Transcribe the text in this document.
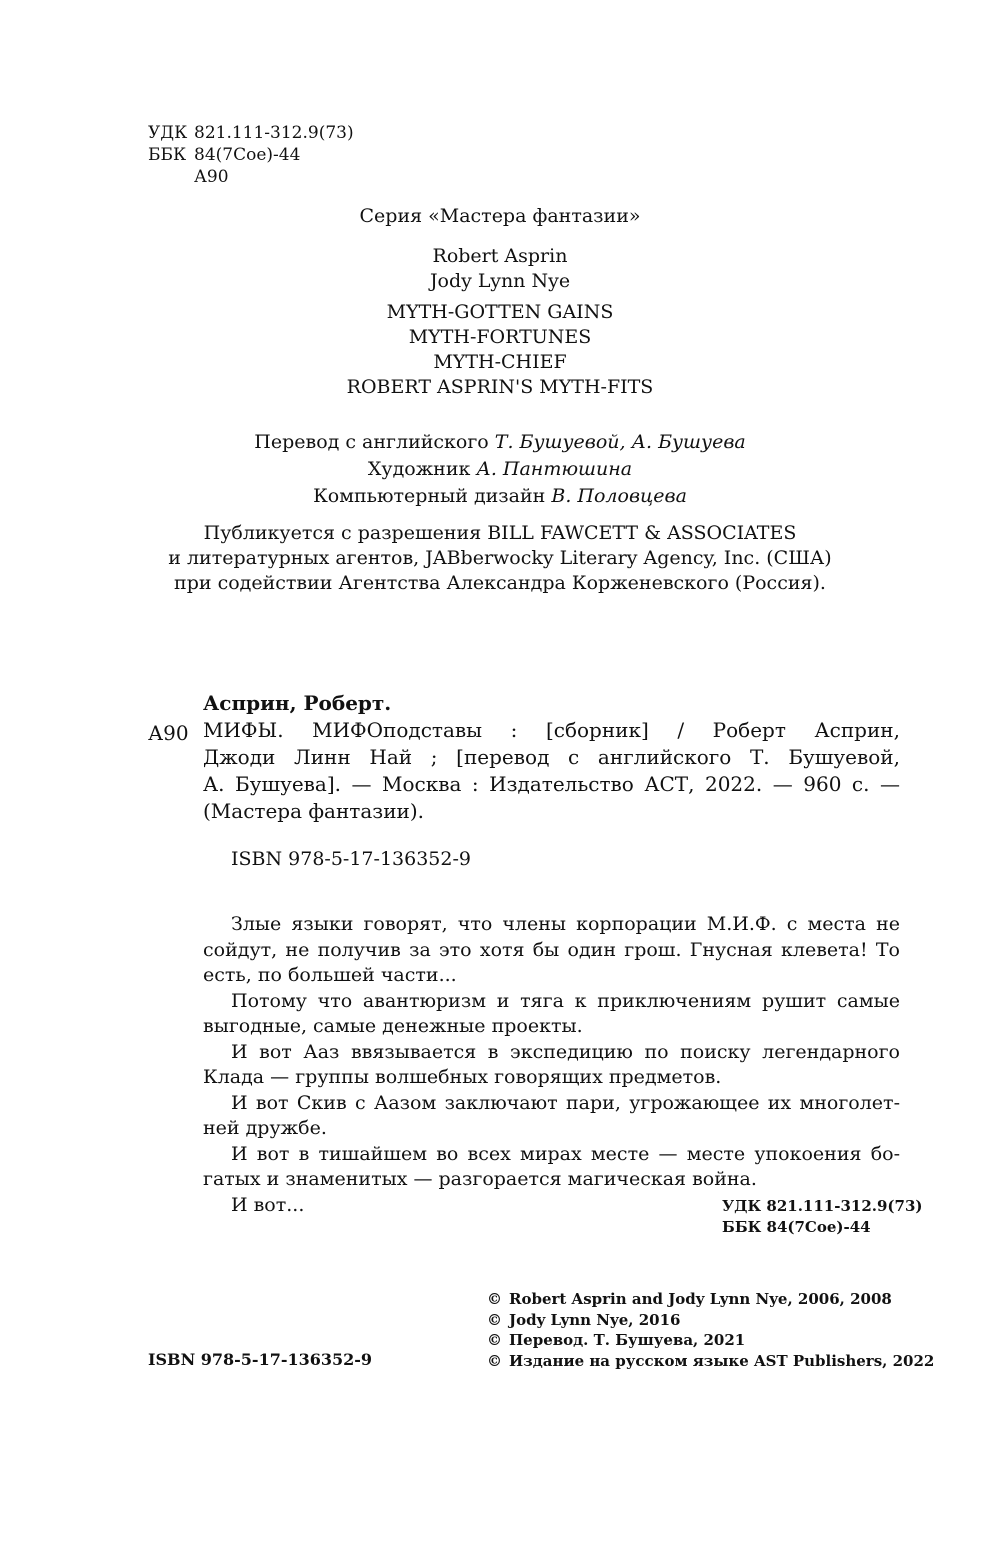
УДК 821.111-312.9(73)
ББК 84(7Сое)-44
А90
Серия «Мастера фантазии»
Robert Asprin
Jody Lynn Nye
MYTH-GOTTEN GAINS
MYTH-FORTUNES
MYTH-CHIEF
ROBERT ASPRIN'S MYTH-FITS
Перевод с английского Т. Бушуевой, А. Бушуева
Художник А. Пантюшина
Компьютерный дизайн В. Половцева
Публикуется с разрешения BILL FAWCETT & ASSOCIATES
и литературных агентов, JABberwocky Literary Agency, Inc. (США)
при содействии Агентства Александра Корженевского (Россия).
А90
Асприн, Роберт.
МИФЫ. МИФОподставы : [сборник] / Роберт Асприн,
Джоди Линн Най ; [перевод с английского Т. Бушуевой,
А. Бушуева]. — Москва : Издательство АСТ, 2022. — 960 с. —
(Мастера фантазии).
ISBN 978-5-17-136352-9
Злые языки говорят, что члены корпорации М.И.Ф. с места не
сойдут, не получив за это хотя бы один грош. Гнусная клевета! То
есть, по большей части...
Потому что авантюризм и тяга к приключениям рушит самые
выгодные, самые денежные проекты.
И вот Ааз ввязывается в экспедицию по поиску легендарного
Клада — группы волшебных говорящих предметов.
И вот Скив с Аазом заключают пари, угрожающее их многолет-
ней дружбе.
И вот в тишайшем во всех мирах месте — месте упокоения бо-
гатых и знаменитых — разгорается магическая война.
И вот...	УДК 821.111-312.9(73)
ББК 84(7Сое)-44
© Robert Asprin and Jody Lynn Nye, 2006, 2008
© Jody Lynn Nye, 2016
© Перевод. Т. Бушуева, 2021
© Издание на русском языке AST Publishers, 2022
ISBN 978-5-17-136352-9
